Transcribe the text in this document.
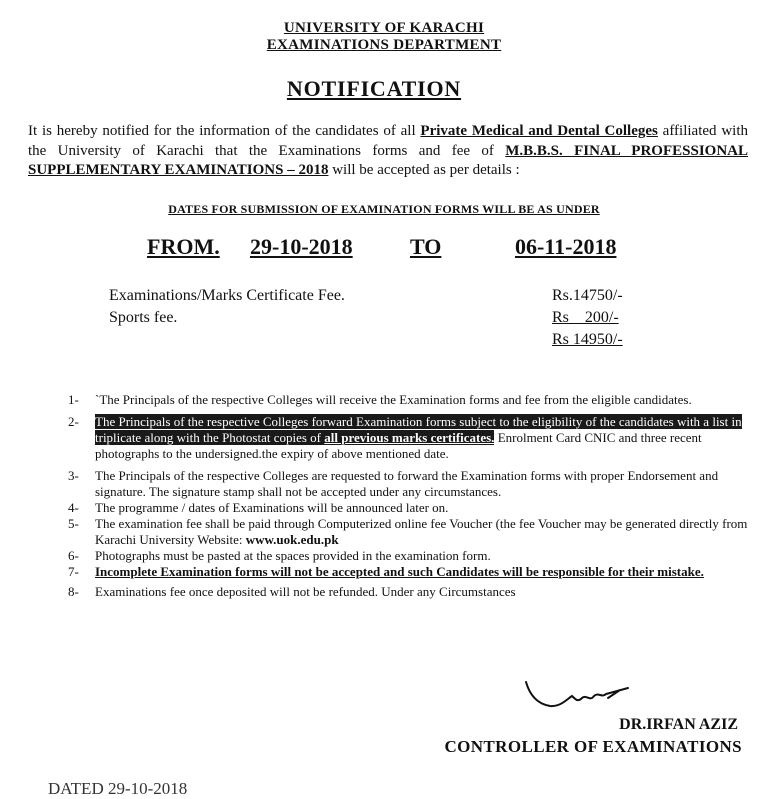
UNIVERSITY OF KARACHI
EXAMINATIONS DEPARTMENT
NOTIFICATION
It is hereby notified for the information of the candidates of all Private Medical and Dental Colleges affiliated with the University of Karachi that the Examinations forms and fee of M.B.B.S. FINAL PROFESSIONAL SUPPLEMENTARY EXAMINATIONS – 2018 will be accepted as per details :
DATES FOR SUBMISSION OF EXAMINATION FORMS WILL BE AS UNDER
FROM. 29-10-2018	TO	06-11-2018
Examinations/Marks Certificate Fee.	Rs.14750/-
Sports fee.	Rs    200/-
Rs 14950/-
1-	`The Principals of the respective Colleges will receive the Examination forms and fee from the eligible candidates.
2-	The Principals of the respective Colleges forward Examination forms subject to the eligibility of the candidates with a list in triplicate along with the Photostat copies of all previous marks certificates. Enrolment Card CNIC and three recent photographs to the undersigned.the expiry of above mentioned date.
3-	The Principals of the respective Colleges are requested to forward the Examination forms with proper Endorsement and signature. The signature stamp shall not be accepted under any circumstances.
4-	The programme / dates of Examinations will be announced later on.
5-	The examination fee shall be paid through Computerized online fee Voucher (the fee Voucher may be generated directly from Karachi University Website: www.uok.edu.pk
6-	Photographs must be pasted at the spaces provided in the examination form.
7-	Incomplete Examination forms will not be accepted and such Candidates will be responsible for their mistake.
8-	Examinations fee once deposited will not be refunded. Under any Circumstances
DR.IRFAN AZIZ
CONTROLLER OF EXAMINATIONS
DATED 29-10-2018
